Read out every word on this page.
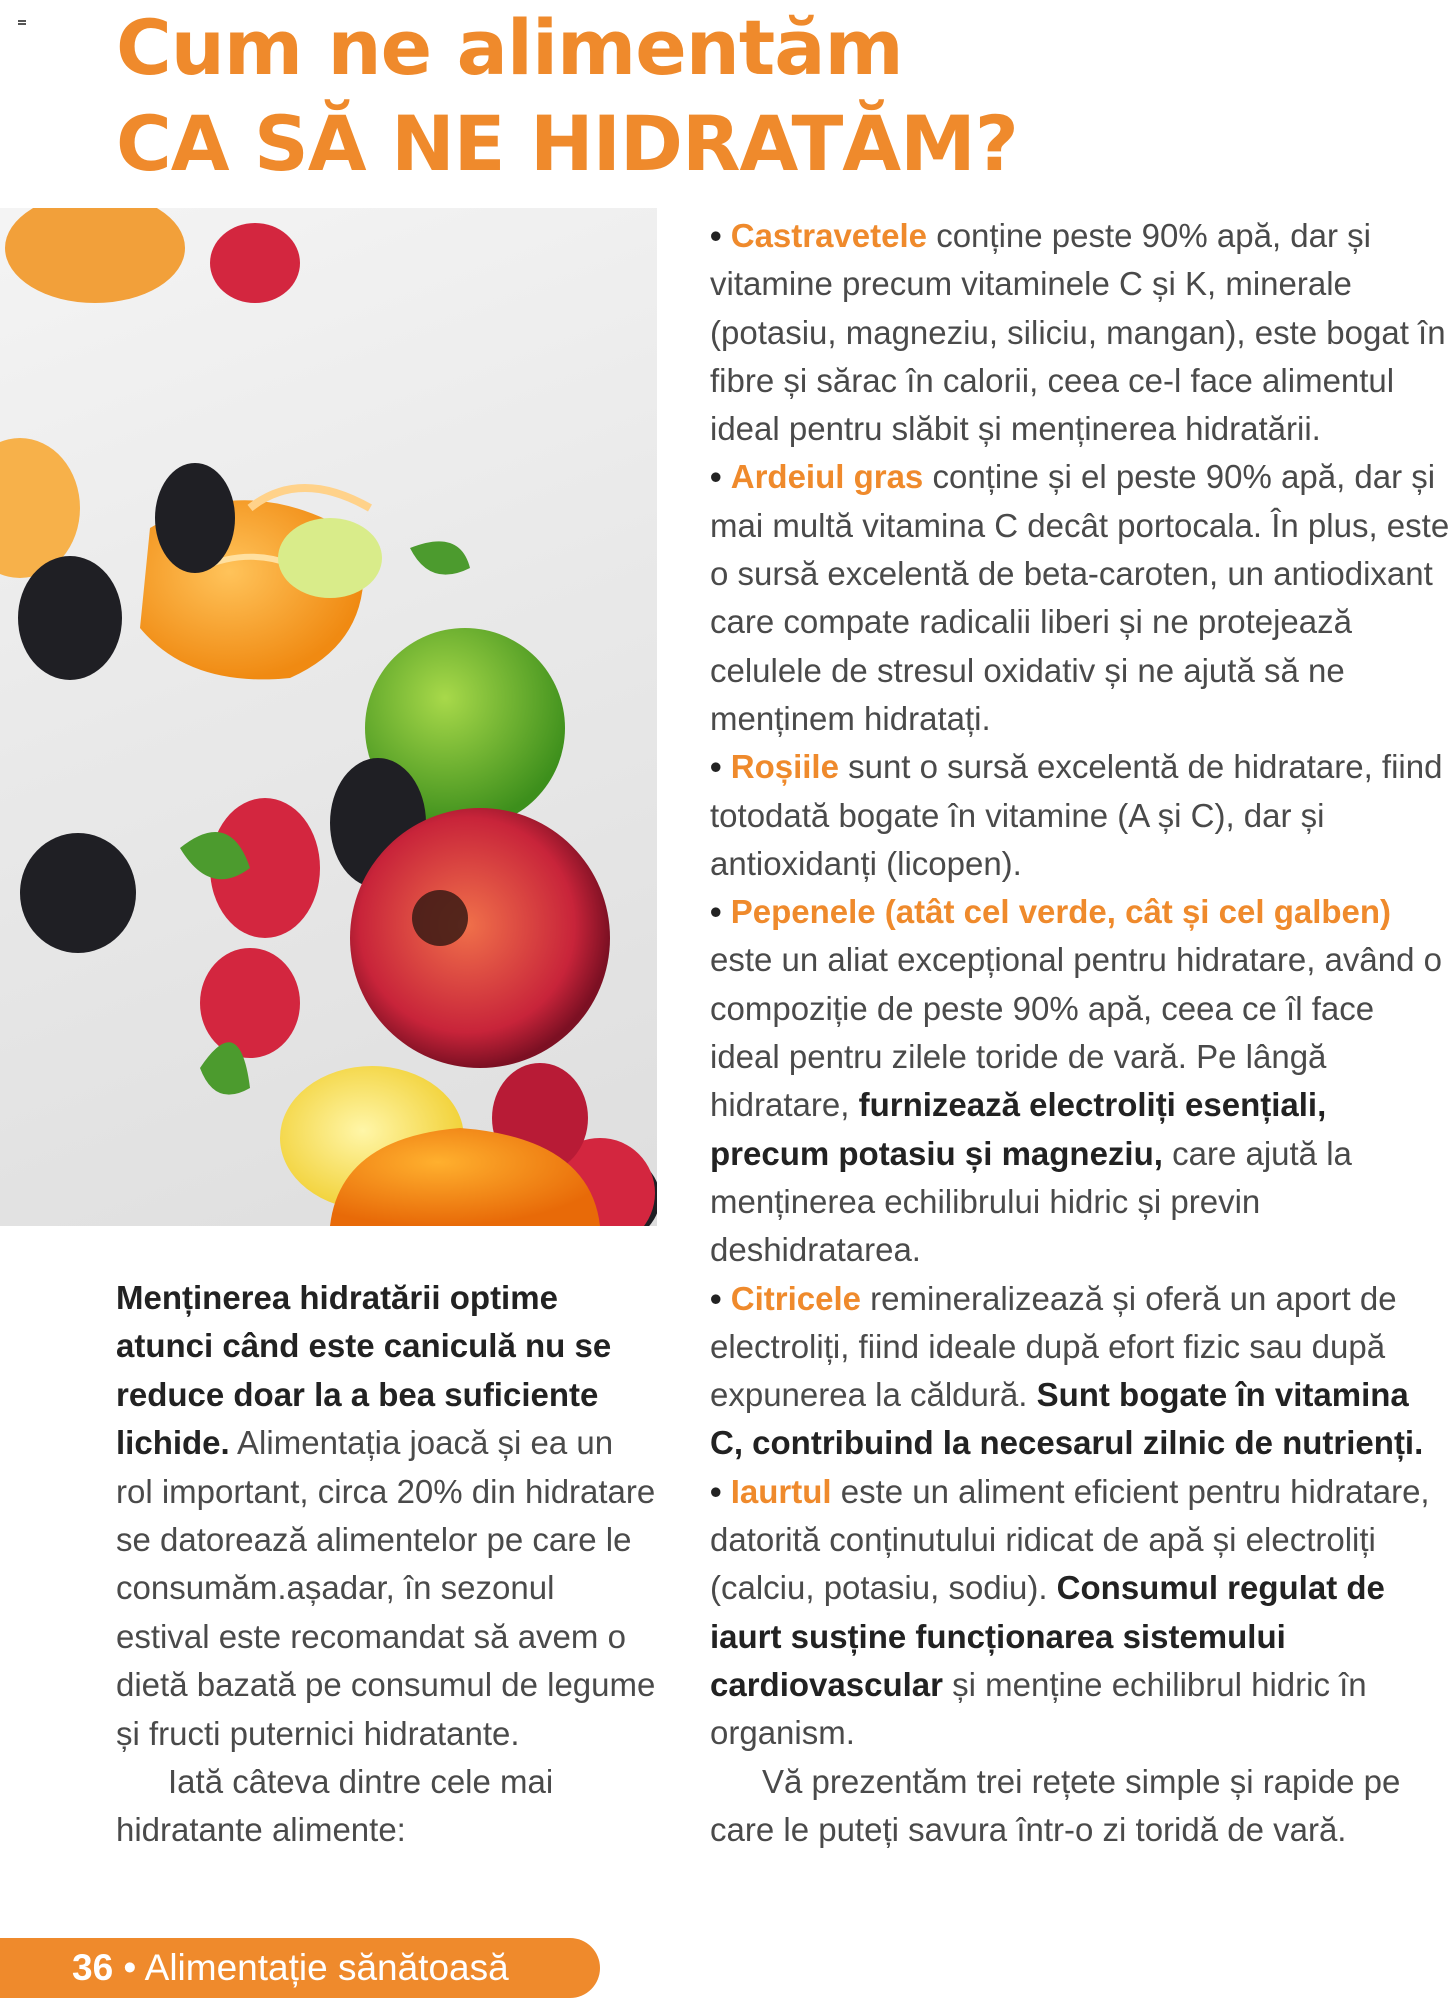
Cum ne alimentăm
CA SĂ NE HIDRATĂM?

Menținerea hidratării optime atunci când este caniculă nu se reduce doar la a bea suficiente lichide. Alimentația joacă și ea un rol important, circa 20% din hidratare se datorează alimentelor pe care le consumăm.așadar, în sezonul estival este recomandat să avem o dietă bazată pe consumul de legume și fructi puternici hidratante.

Iată câteva dintre cele mai hidratante alimente:

• Castravetele conține peste 90% apă, dar și vitamine precum vitaminele C și K, minerale (potasiu, magneziu, siliciu, mangan), este bogat în fibre și sărac în calorii, ceea ce-l face alimentul ideal pentru slăbit și menținerea hidratării.

• Ardeiul gras conține și el peste 90% apă, dar și mai multă vitamina C decât portocala. În plus, este o sursă excelentă de beta-caroten, un antiodixant care compate radicalii liberi și ne protejează celulele de stresul oxidativ și ne ajută să ne menținem hidratați.

• Roșiile sunt o sursă excelentă de hidratare, fiind totodată bogate în vitamine (A și C), dar și antioxidanți (licopen).

• Pepenele (atât cel verde, cât și cel galben) este un aliat excepțional pentru hidratare, având o compoziție de peste 90% apă, ceea ce îl face ideal pentru zilele toride de vară. Pe lângă hidratare, furnizează electroliți esențiali, precum potasiu și magneziu, care ajută la menținerea echilibrului hidric și previn deshidratarea.

• Citricele remineralizează și oferă un aport de electroliți, fiind ideale după efort fizic sau după expunerea la căldură. Sunt bogate în vitamina C, contribuind la necesarul zilnic de nutrienți.

• Iaurtul este un aliment eficient pentru hidratare, datorită conținutului ridicat de apă și electroliți (calciu, potasiu, sodiu). Consumul regulat de iaurt susține funcționarea sistemului cardiovascular și menține echilibrul hidric în organism.

Vă prezentăm trei rețete simple și rapide pe care le puteți savura într-o zi toridă de vară.

36 • Alimentație sănătoasă
